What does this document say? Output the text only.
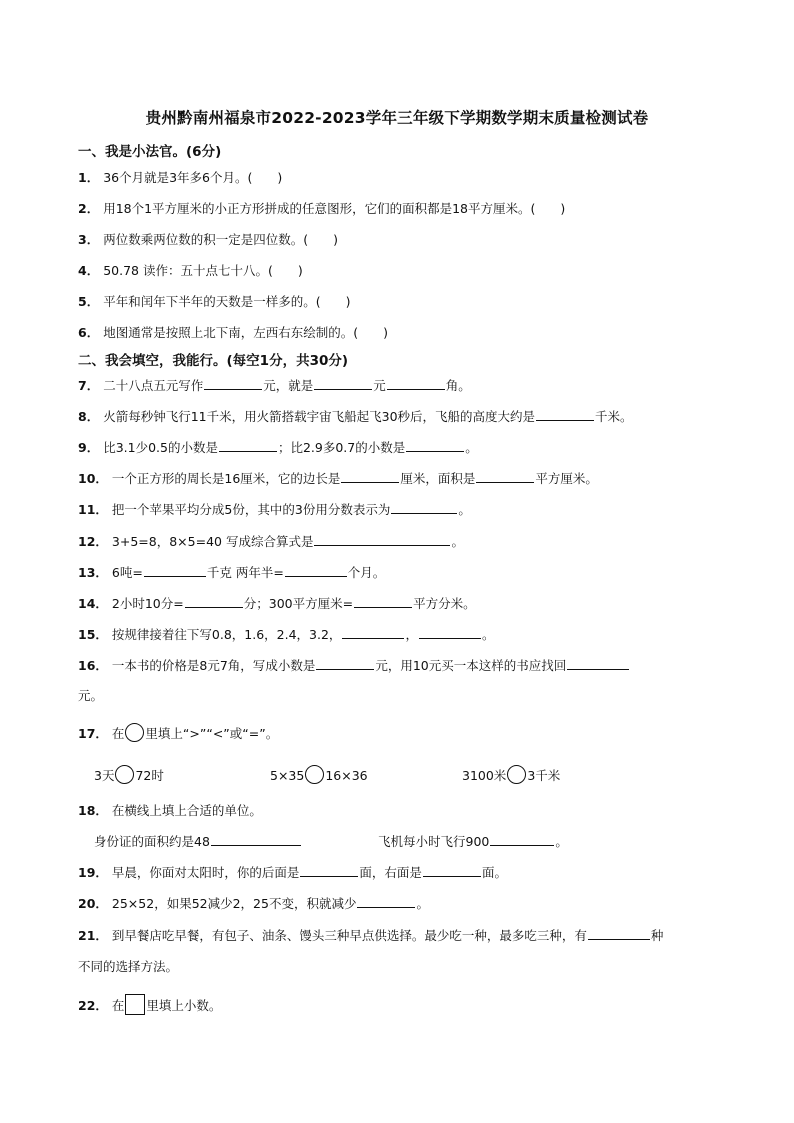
贵州黔南州福泉市2022-2023学年三年级下学期数学期末质量检测试卷
一、我是小法官。(6分)
1． 36个月就是3年多6个月。(　　)
2． 用18个1平方厘米的小正方形拼成的任意图形，它们的面积都是18平方厘米。(　　)
3． 两位数乘两位数的积一定是四位数。(　　)
4． 50.78 读作：五十点七十八。(　　)
5． 平年和闰年下半年的天数是一样多的。(　　)
6． 地图通常是按照上北下南，左西右东绘制的。(　　)
二、我会填空，我能行。(每空1分，共30分)
7． 二十八点五元写作	元，就是	元	角。
8． 火箭每秒钟飞行11千米，用火箭搭载宇宙飞船起飞30秒后，飞船的高度大约是	千米。
9． 比3.1少0.5的小数是	；比2.9多0.7的小数是	。
10． 一个正方形的周长是16厘米，它的边长是	厘米，面积是	平方厘米。
11． 把一个苹果平均分成5份，其中的3份用分数表示为	。
12． 3+5=8，8×5=40 写成综合算式是	。
13． 6吨=	千克 两年半=	个月。
14． 2小时10分=	分；300平方厘米=	平方分米。
15． 按规律接着往下写0.8，1.6，2.4，3.2，	，	。
16． 一本书的价格是8元7角，写成小数是	元，用10元买一本这样的书应找回
元。
17． 在 里填上“>”“<”或“=”。
3天 72时	5×35 16×36	3100米 3千米
18． 在横线上填上合适的单位。
身份证的面积约是48	飞机每小时飞行900	。
19． 早晨，你面对太阳时，你的后面是	面，右面是	面。
20． 25×52，如果52减少2，25不变，积就减少	。
21． 到早餐店吃早餐，有包子、油条、馒头三种早点供选择。最少吃一种，最多吃三种，有	种
不同的选择方法。
22． 在 里填上小数。
